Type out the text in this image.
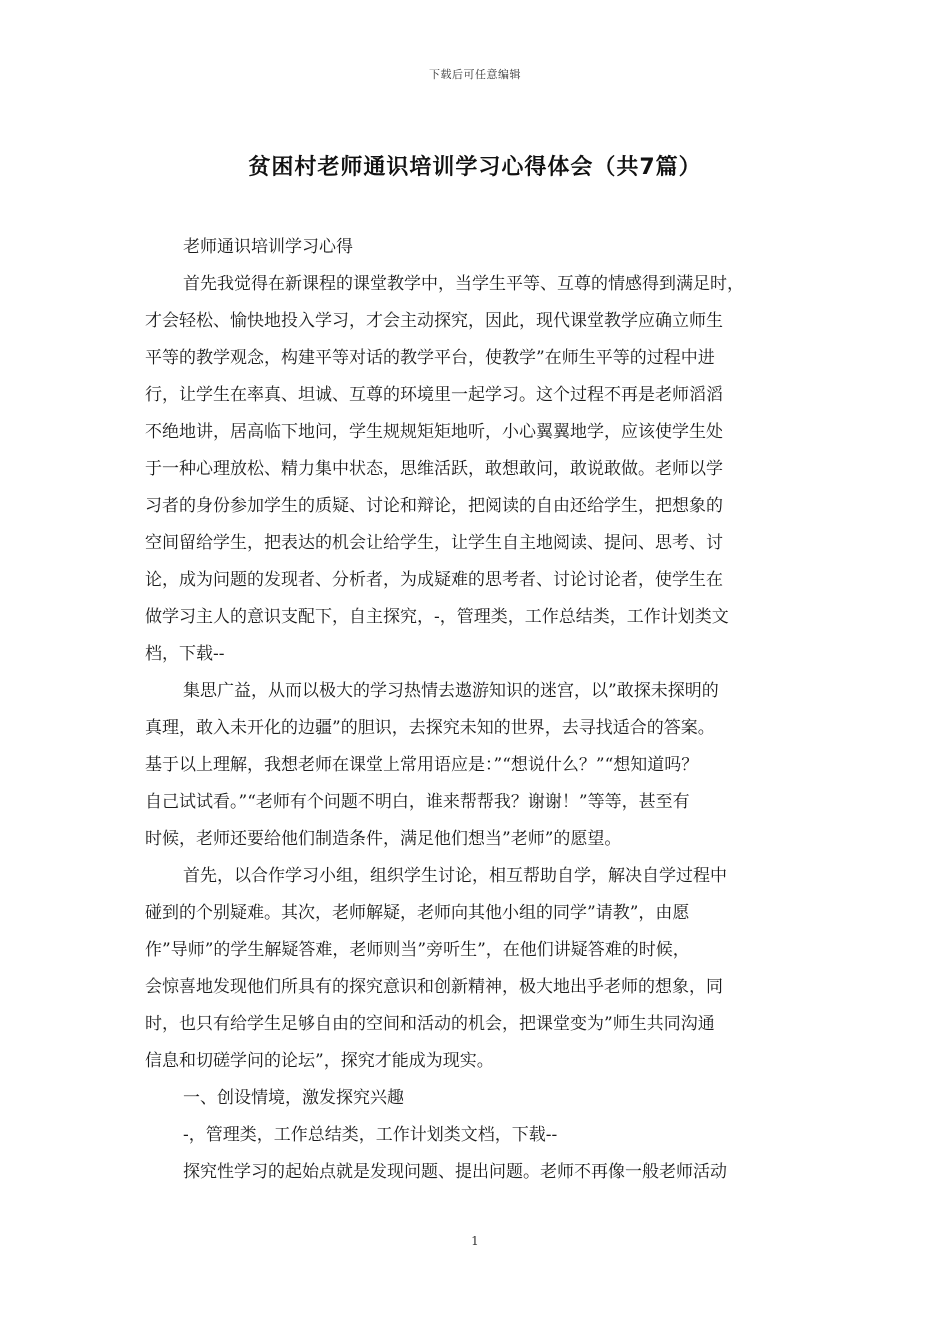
下载后可任意编辑
贫困村老师通识培训学习心得体会（共7篇）
老师通识培训学习心得
首先我觉得在新课程的课堂教学中，当学生平等、互尊的情感得到满足时，
才会轻松、愉快地投入学习，才会主动探究，因此，现代课堂教学应确立师生
平等的教学观念，构建平等对话的教学平台，使教学”在师生平等的过程中进
行，让学生在率真、坦诚、互尊的环境里一起学习。这个过程不再是老师滔滔
不绝地讲，居高临下地问，学生规规矩矩地听，小心翼翼地学，应该使学生处
于一种心理放松、精力集中状态，思维活跃，敢想敢问，敢说敢做。老师以学
习者的身份参加学生的质疑、讨论和辩论，把阅读的自由还给学生，把想象的
空间留给学生，把表达的机会让给学生，让学生自主地阅读、提问、思考、讨
论，成为问题的发现者、分析者，为成疑难的思考者、讨论讨论者，使学生在
做学习主人的意识支配下，自主探究，-，管理类，工作总结类，工作计划类文
档，下载--
集思广益，从而以极大的学习热情去遨游知识的迷宫，以”敢探未探明的
真理，敢入未开化的边疆”的胆识，去探究未知的世界，去寻找适合的答案。
基于以上理解，我想老师在课堂上常用语应是：”“想说什么？”“想知道吗？
自己试试看。”“老师有个问题不明白，谁来帮帮我？谢谢！”等等，甚至有
时候，老师还要给他们制造条件，满足他们想当”老师”的愿望。
首先，以合作学习小组，组织学生讨论，相互帮助自学，解决自学过程中
碰到的个别疑难。其次，老师解疑，老师向其他小组的同学”请教”，由愿
作”导师”的学生解疑答难，老师则当”旁听生”，在他们讲疑答难的时候，
会惊喜地发现他们所具有的探究意识和创新精神，极大地出乎老师的想象，同
时，也只有给学生足够自由的空间和活动的机会，把课堂变为”师生共同沟通
信息和切磋学问的论坛”，探究才能成为现实。
一、创设情境，激发探究兴趣
-，管理类，工作总结类，工作计划类文档，下载--
探究性学习的起始点就是发现问题、提出问题。老师不再像一般老师活动
1
